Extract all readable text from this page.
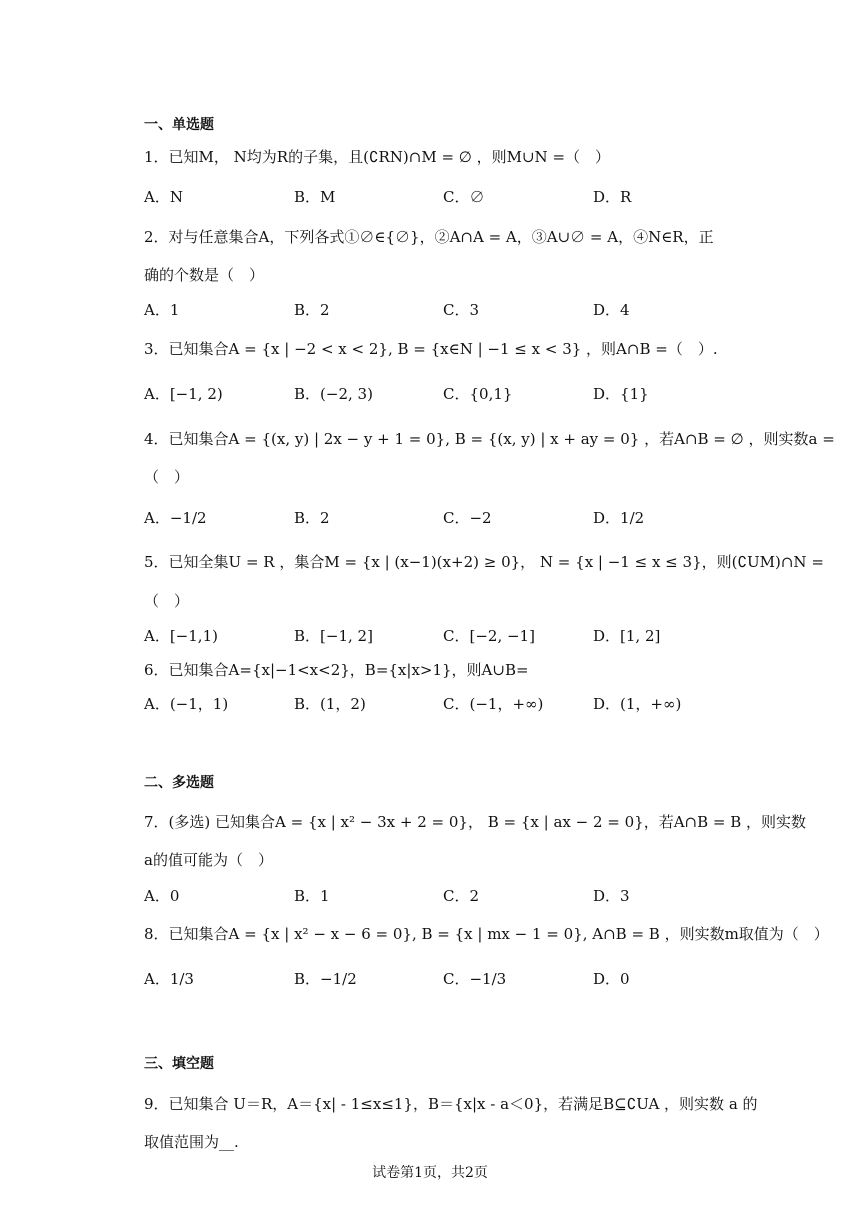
一、单选题
1．已知M， N均为R的子集，且(∁RN)∩M = ∅ ，则M∪N =（　）
A．N	B．M	C．∅	D．R
2．对与任意集合A，下列各式①∅∈{∅}，②A∩A = A，③A∪∅ = A，④N∈R，正
确的个数是（　）
A．1	B．2	C．3	D．4
3．已知集合A = {x | −2 < x < 2}, B = {x∈N | −1 ≤ x < 3} ，则A∩B =（　）.
A．[−1, 2)	B．(−2, 3)	C．{0,1}	D．{1}
4．已知集合A = {(x, y) | 2x − y + 1 = 0}, B = {(x, y) | x + ay = 0} ，若A∩B = ∅ ，则实数a =
（　）
A．−1/2	B．2	C．−2	D．1/2
5．已知全集U = R ，集合M = {x | (x−1)(x+2) ≥ 0}， N = {x | −1 ≤ x ≤ 3}，则(∁UM)∩N =
（　）
A．[−1,1)	B．[−1, 2]	C．[−2, −1]	D．[1, 2]
6．已知集合A={x|−1<x<2}，B={x|x>1}，则A∪B=
A．(−1，1)	B．(1，2)	C．(−1，+∞)	D．(1，+∞)
二、多选题
7．(多选) 已知集合A = {x | x² − 3x + 2 = 0}， B = {x | ax − 2 = 0}，若A∩B = B ，则实数
a的值可能为（　）
A．0	B．1	C．2	D．3
8．已知集合A = {x | x² − x − 6 = 0}, B = {x | mx − 1 = 0}, A∩B = B ，则实数m取值为（　）
A．1/3	B．−1/2	C．−1/3	D．0
三、填空题
9．已知集合 U＝R，A＝{x| - 1≤x≤1}，B＝{x|x - a＜0}，若满足B⊆∁UA ，则实数 a 的
取值范围为__.
试卷第1页，共2页
